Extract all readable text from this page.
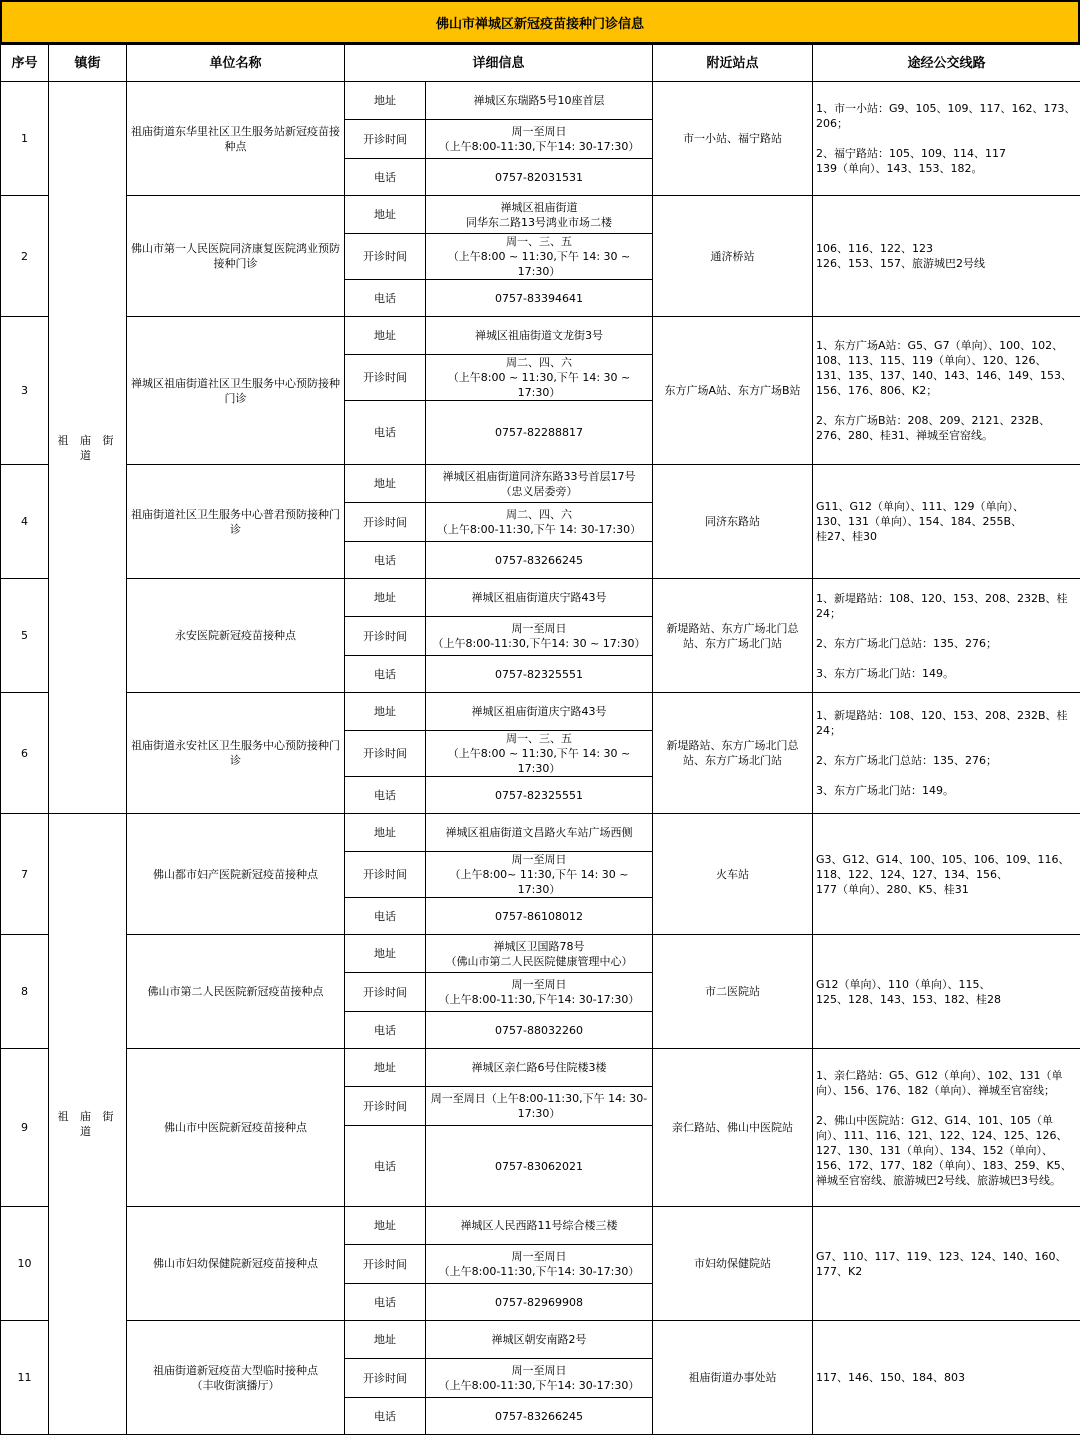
佛山市禅城区新冠疫苗接种门诊信息
序号	镇街	单位名称	详细信息		附近站点	途经公交线路
1	祖 庙 街 道	祖庙街道东华里社区卫生服务站新冠疫苗接种点	地址	禅城区东瑞路5号10座首层	市一小站、福宁路站	1、市一小站：G9、105、109、117、162、173、206；

2、福宁路站：105、109、114、117
139（单向）、143、153、182。
			开诊时间	周一至周日
（上午8:00-11:30,下午14: 30-17:30）		
			电话	0757-82031531		
2		佛山市第一人民医院同济康复医院鸿业预防接种门诊	地址	禅城区祖庙街道
同华东二路13号鸿业市场二楼	通济桥站	106、116、122、123
126、153、157、旅游城巴2号线
			开诊时间	周一、三、五
（上午8:00 ~ 11:30,下午 14: 30 ~ 17:30）		
			电话	0757-83394641		
3		禅城区祖庙街道社区卫生服务中心预防接种门诊	地址	禅城区祖庙街道文龙街3号	东方广场A站、东方广场B站	1、东方广场A站：G5、G7（单向）、100、102、108、113、115、119（单向）、120、126、131、135、137、140、143、146、149、153、156、176、806、K2；

2、东方广场B站：208、209、2121、232B、276、280、桂31、禅城至官窑线。
			开诊时间	周二、四、六
（上午8:00 ~ 11:30,下午 14: 30 ~ 17:30）		
			电话	0757-82288817		
4		祖庙街道社区卫生服务中心普君预防接种门诊	地址	禅城区祖庙街道同济东路33号首层17号
（忠义居委旁）	同济东路站	G11、G12（单向）、111、129（单向）、
130、131（单向）、154、184、255B、
桂27、桂30
			开诊时间	周二、四、六
（上午8:00-11:30,下午 14: 30-17:30）		
			电话	0757-83266245		
5		永安医院新冠疫苗接种点	地址	禅城区祖庙街道庆宁路43号	新堤路站、东方广场北门总站、东方广场北门站	1、新堤路站：108、120、153、208、232B、桂24；

2、东方广场北门总站：135、276；

3、东方广场北门站：149。
			开诊时间	周一至周日
（上午8:00-11:30,下午14: 30 ~ 17:30）		
			电话	0757-82325551		
6		祖庙街道永安社区卫生服务中心预防接种门诊	地址	禅城区祖庙街道庆宁路43号	新堤路站、东方广场北门总站、东方广场北门站	1、新堤路站：108、120、153、208、232B、桂24；

2、东方广场北门总站：135、276；

3、东方广场北门站：149。
			开诊时间	周一、三、五
（上午8:00 ~ 11:30,下午 14: 30 ~ 17:30）		
			电话	0757-82325551		
7	祖 庙 街 道	佛山都市妇产医院新冠疫苗接种点	地址	禅城区祖庙街道文昌路火车站广场西侧	火车站	G3、G12、G14、100、105、106、109、116、118、122、124、127、134、156、
177（单向）、280、K5、桂31
			开诊时间	周一至周日
（上午8:00~ 11:30,下午 14: 30 ~ 17:30）		
			电话	0757-86108012		
8		佛山市第二人民医院新冠疫苗接种点	地址	禅城区卫国路78号
（佛山市第二人民医院健康管理中心）	市二医院站	G12（单向）、110（单向）、115、
125、128、143、153、182、桂28
			开诊时间	周一至周日
（上午8:00-11:30,下午14: 30-17:30）		
			电话	0757-88032260		
9		佛山市中医院新冠疫苗接种点	地址	禅城区亲仁路6号住院楼3楼	亲仁路站、佛山中医院站	1、亲仁路站：G5、G12（单向）、102、131（单向）、156、176、182（单向）、禅城至官窑线；

2、佛山中医院站：G12、G14、101、105（单向）、111、116、121、122、124、125、126、127、130、131（单向）、134、152（单向）、156、172、177、182（单向）、183、259、K5、禅城至官窑线、旅游城巴2号线、旅游城巴3号线。
			开诊时间	周一至周日（上午8:00-11:30,下午 14: 30-17:30）		
			电话	0757-83062021		
10		佛山市妇幼保健院新冠疫苗接种点	地址	禅城区人民西路11号综合楼三楼	市妇幼保健院站	G7、110、117、119、123、124、140、160、177、K2
			开诊时间	周一至周日
（上午8:00-11:30,下午14: 30-17:30）		
			电话	0757-82969908		
11		祖庙街道新冠疫苗大型临时接种点
（丰收街演播厅）	地址	禅城区朝安南路2号	祖庙街道办事处站	117、146、150、184、803
			开诊时间	周一至周日
（上午8:00-11:30,下午14: 30-17:30）		
			电话	0757-83266245		
